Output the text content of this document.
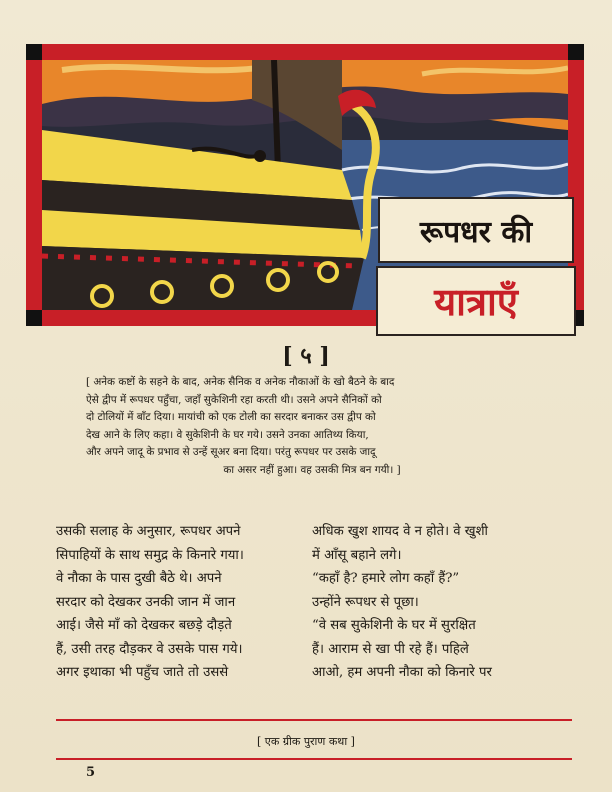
रूपधर की
यात्राएँ
[ ५ ]
[ अनेक कष्टों के सहने के बाद, अनेक सैनिक व अनेक नौकाओं के खो बैठने के बाद
ऐसे द्वीप में रूपधर पहुँचा, जहाँ सुकेशिनी रहा करती थी। उसने अपने सैनिकों को
दो टोलियों में बाँट दिया। मायांची को एक टोली का सरदार बनाकर उस द्वीप को
देख आने के लिए कहा। वे सुकेशिनी के घर गये। उसने उनका आतिथ्य किया,
और अपने जादू के प्रभाव से उन्हें सूअर बना दिया। परंतु रूपधर पर उसके जादू
का असर नहीं हुआ। वह उसकी मित्र बन गयी। ]
उसकी सलाह के अनुसार, रूपधर अपने
सिपाहियों के साथ समुद्र के किनारे गया।
वे नौका के पास दुखी बैठे थे। अपने
सरदार को देखकर उनकी जान में जान
आई। जैसे माँ को देखकर बछड़े दौड़ते
हैं, उसी तरह दौड़कर वे उसके पास गये।
अगर इथाका भी पहुँच जाते तो उससे
अधिक खुश शायद वे न होते। वे खुशी
में आँसू बहाने लगे।
“कहाँ है? हमारे लोग कहाँ हैं?”
उन्होंने रूपधर से पूछा।
“वे सब सुकेशिनी के घर में सुरक्षित
हैं। आराम से खा पी रहे हैं। पहिले
आओ, हम अपनी नौका को किनारे पर
[ एक ग्रीक पुराण कथा ]
5
